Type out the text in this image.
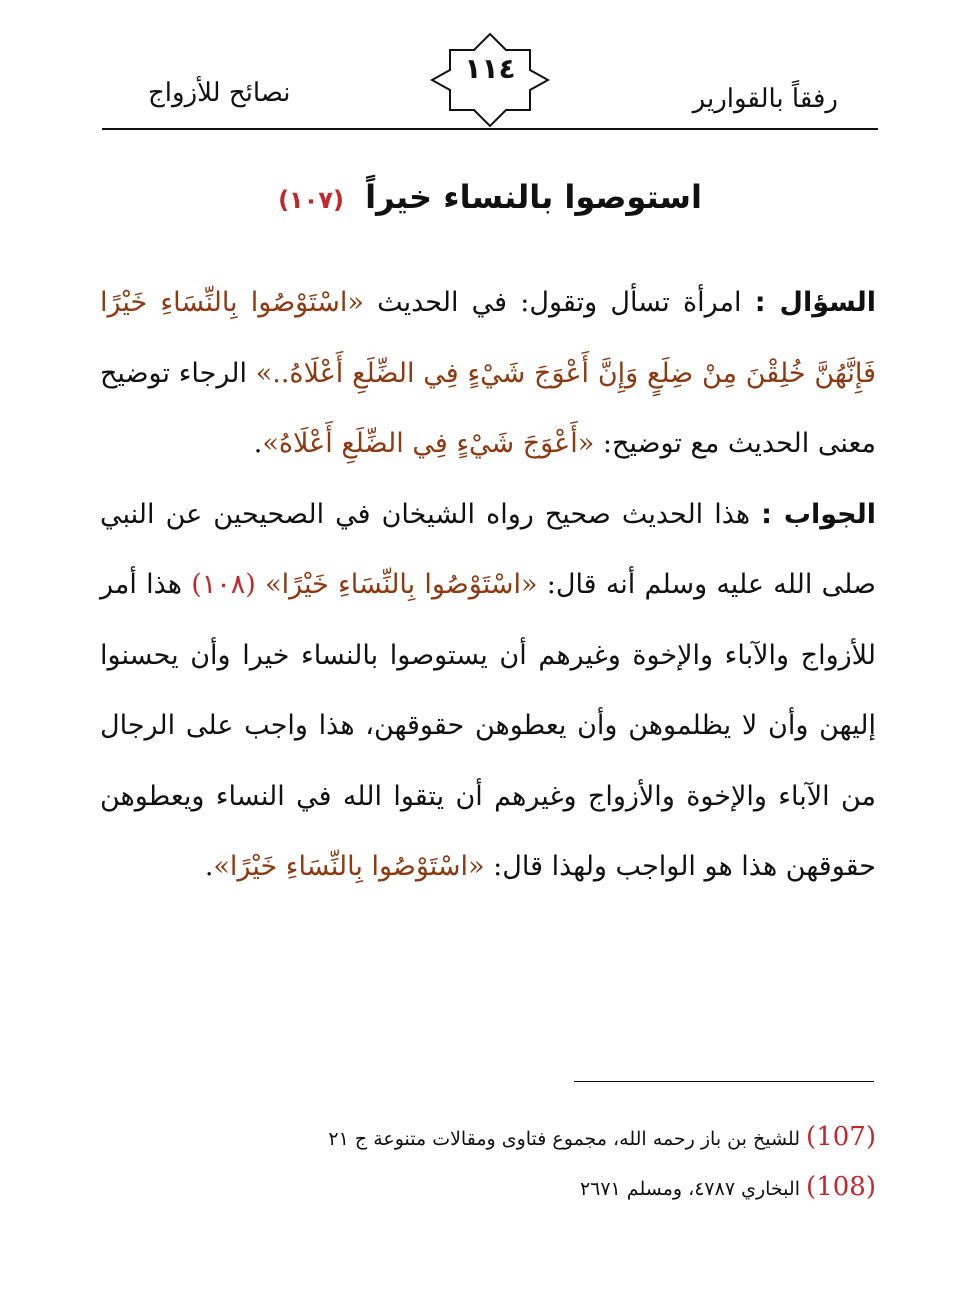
رفقاً بالقوارير
نصائح للأزواج
١١٤
استوصوا بالنساء خيراً (١٠٧)

السؤال : امرأة تسأل وتقول: في الحديث «اسْتَوْصُوا بِالنِّسَاءِ خَيْرًا فَإِنَّهُنَّ خُلِقْنَ مِنْ ضِلَعٍ وَإِنَّ أَعْوَجَ شَيْءٍ فِي الضِّلَعِ أَعْلَاهُ..» الرجاء توضيح معنى الحديث مع توضيح: «أَعْوَجَ شَيْءٍ فِي الضِّلَعِ أَعْلَاهُ».

الجواب : هذا الحديث صحيح رواه الشيخان في الصحيحين عن النبي صلى الله عليه وسلم أنه قال: «اسْتَوْصُوا بِالنِّسَاءِ خَيْرًا» (١٠٨) هذا أمر للأزواج والآباء والإخوة وغيرهم أن يستوصوا بالنساء خيرا وأن يحسنوا إليهن وأن لا يظلموهن وأن يعطوهن حقوقهن، هذا واجب على الرجال من الآباء والإخوة والأزواج وغيرهم أن يتقوا الله في النساء ويعطوهن حقوقهن هذا هو الواجب ولهذا قال: «اسْتَوْصُوا بِالنِّسَاءِ خَيْرًا».

(107) للشيخ بن باز رحمه الله، مجموع فتاوى ومقالات متنوعة ج ٢١
(108) البخاري ٤٧٨٧، ومسلم ٢٦٧١
